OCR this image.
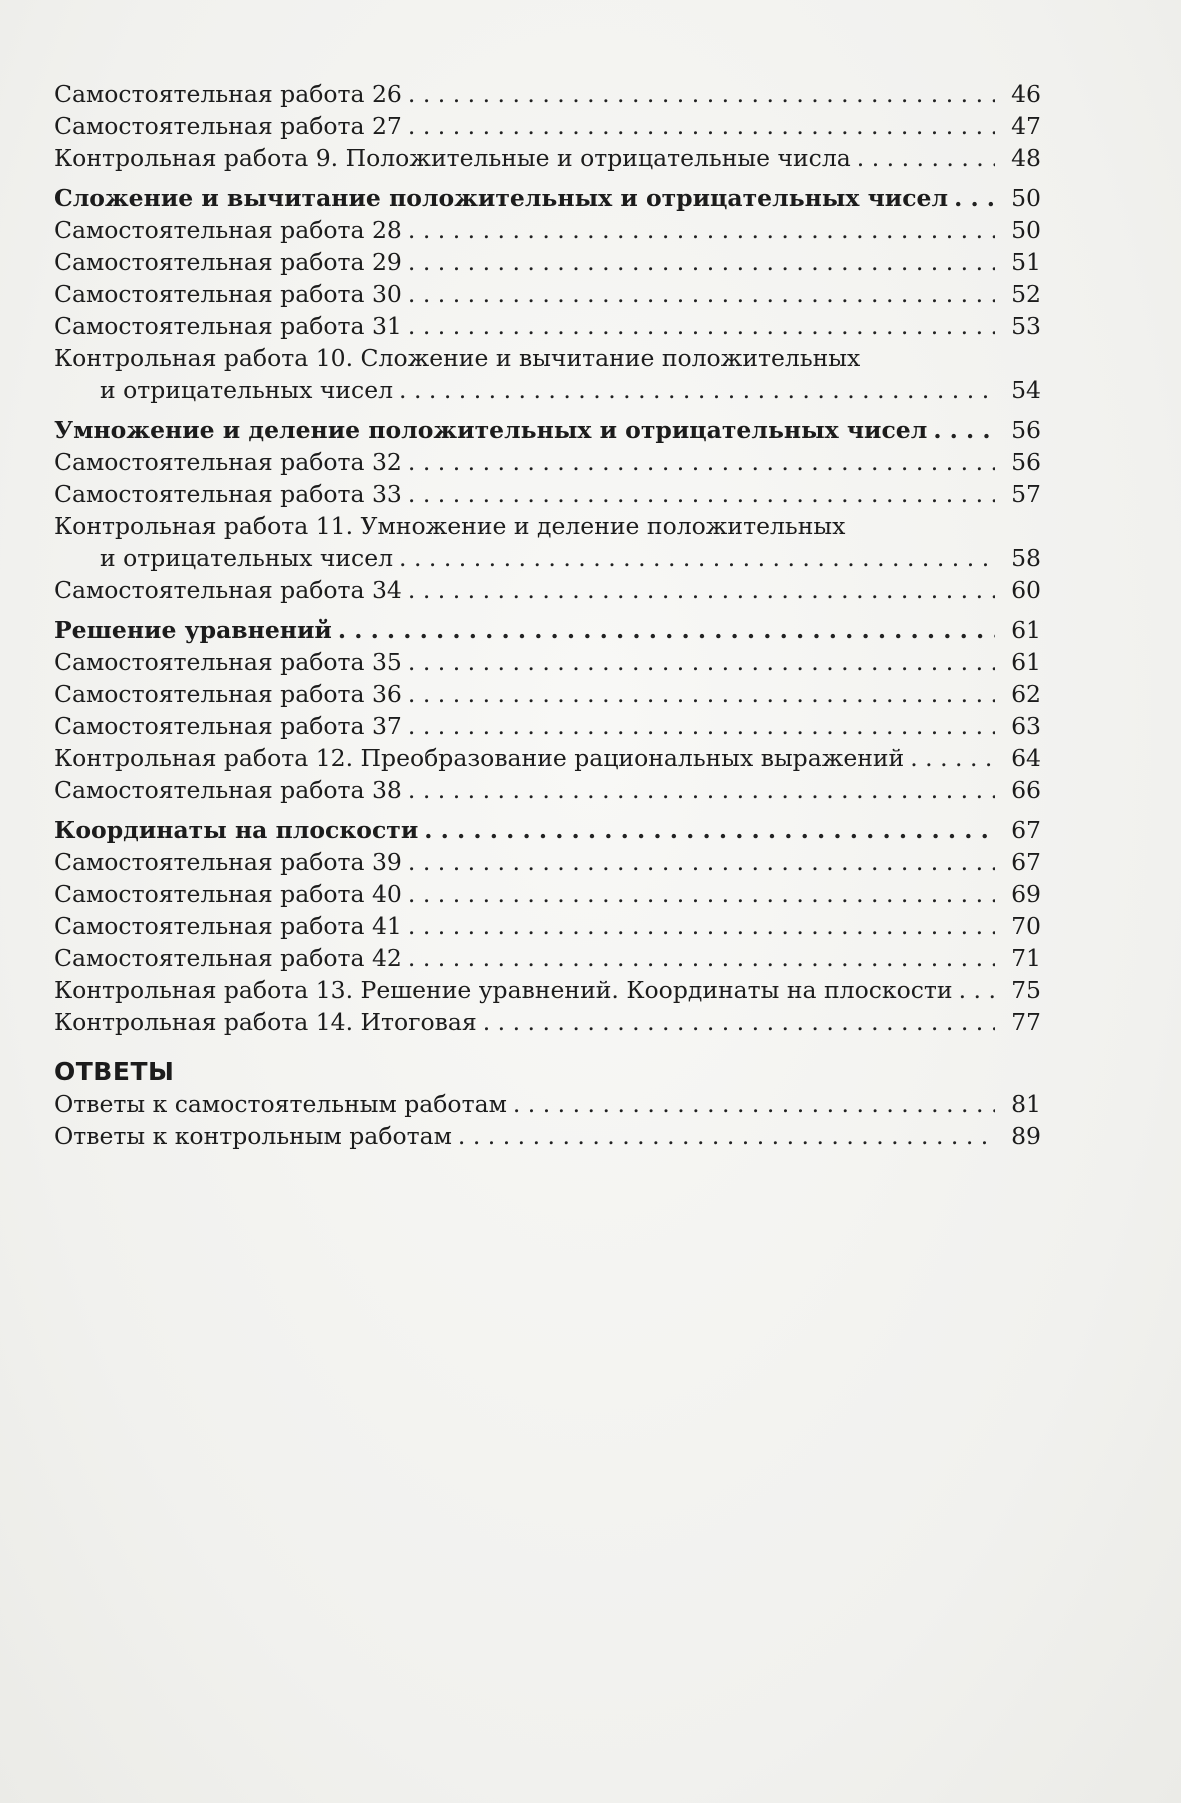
Самостоятельная работа 26 . . .	46
Самостоятельная работа 27 . . .	47
Контрольная работа 9. Положительные и отрицательные числа . . .	48
Сложение и вычитание положительных и отрицательных чисел . . .	50
Самостоятельная работа 28 . . .	50
Самостоятельная работа 29 . . .	51
Самостоятельная работа 30 . . .	52
Самостоятельная работа 31 . . .	53
Контрольная работа 10. Сложение и вычитание положительных
и отрицательных чисел . . .	54
Умножение и деление положительных и отрицательных чисел . . .	56
Самостоятельная работа 32 . . .	56
Самостоятельная работа 33 . . .	57
Контрольная работа 11. Умножение и деление положительных
и отрицательных чисел . . .	58
Самостоятельная работа 34 . . .	60
Решение уравнений . . .	61
Самостоятельная работа 35 . . .	61
Самостоятельная работа 36 . . .	62
Самостоятельная работа 37 . . .	63
Контрольная работа 12. Преобразование рациональных выражений . . .	64
Самостоятельная работа 38 . . .	66
Координаты на плоскости . . .	67
Самостоятельная работа 39 . . .	67
Самостоятельная работа 40 . . .	69
Самостоятельная работа 41 . . .	70
Самостоятельная работа 42 . . .	71
Контрольная работа 13. Решение уравнений. Координаты на плоскости . . .	75
Контрольная работа 14. Итоговая . . .	77
ОТВЕТЫ
Ответы к самостоятельным работам . . .	81
Ответы к контрольным работам . . .	89
